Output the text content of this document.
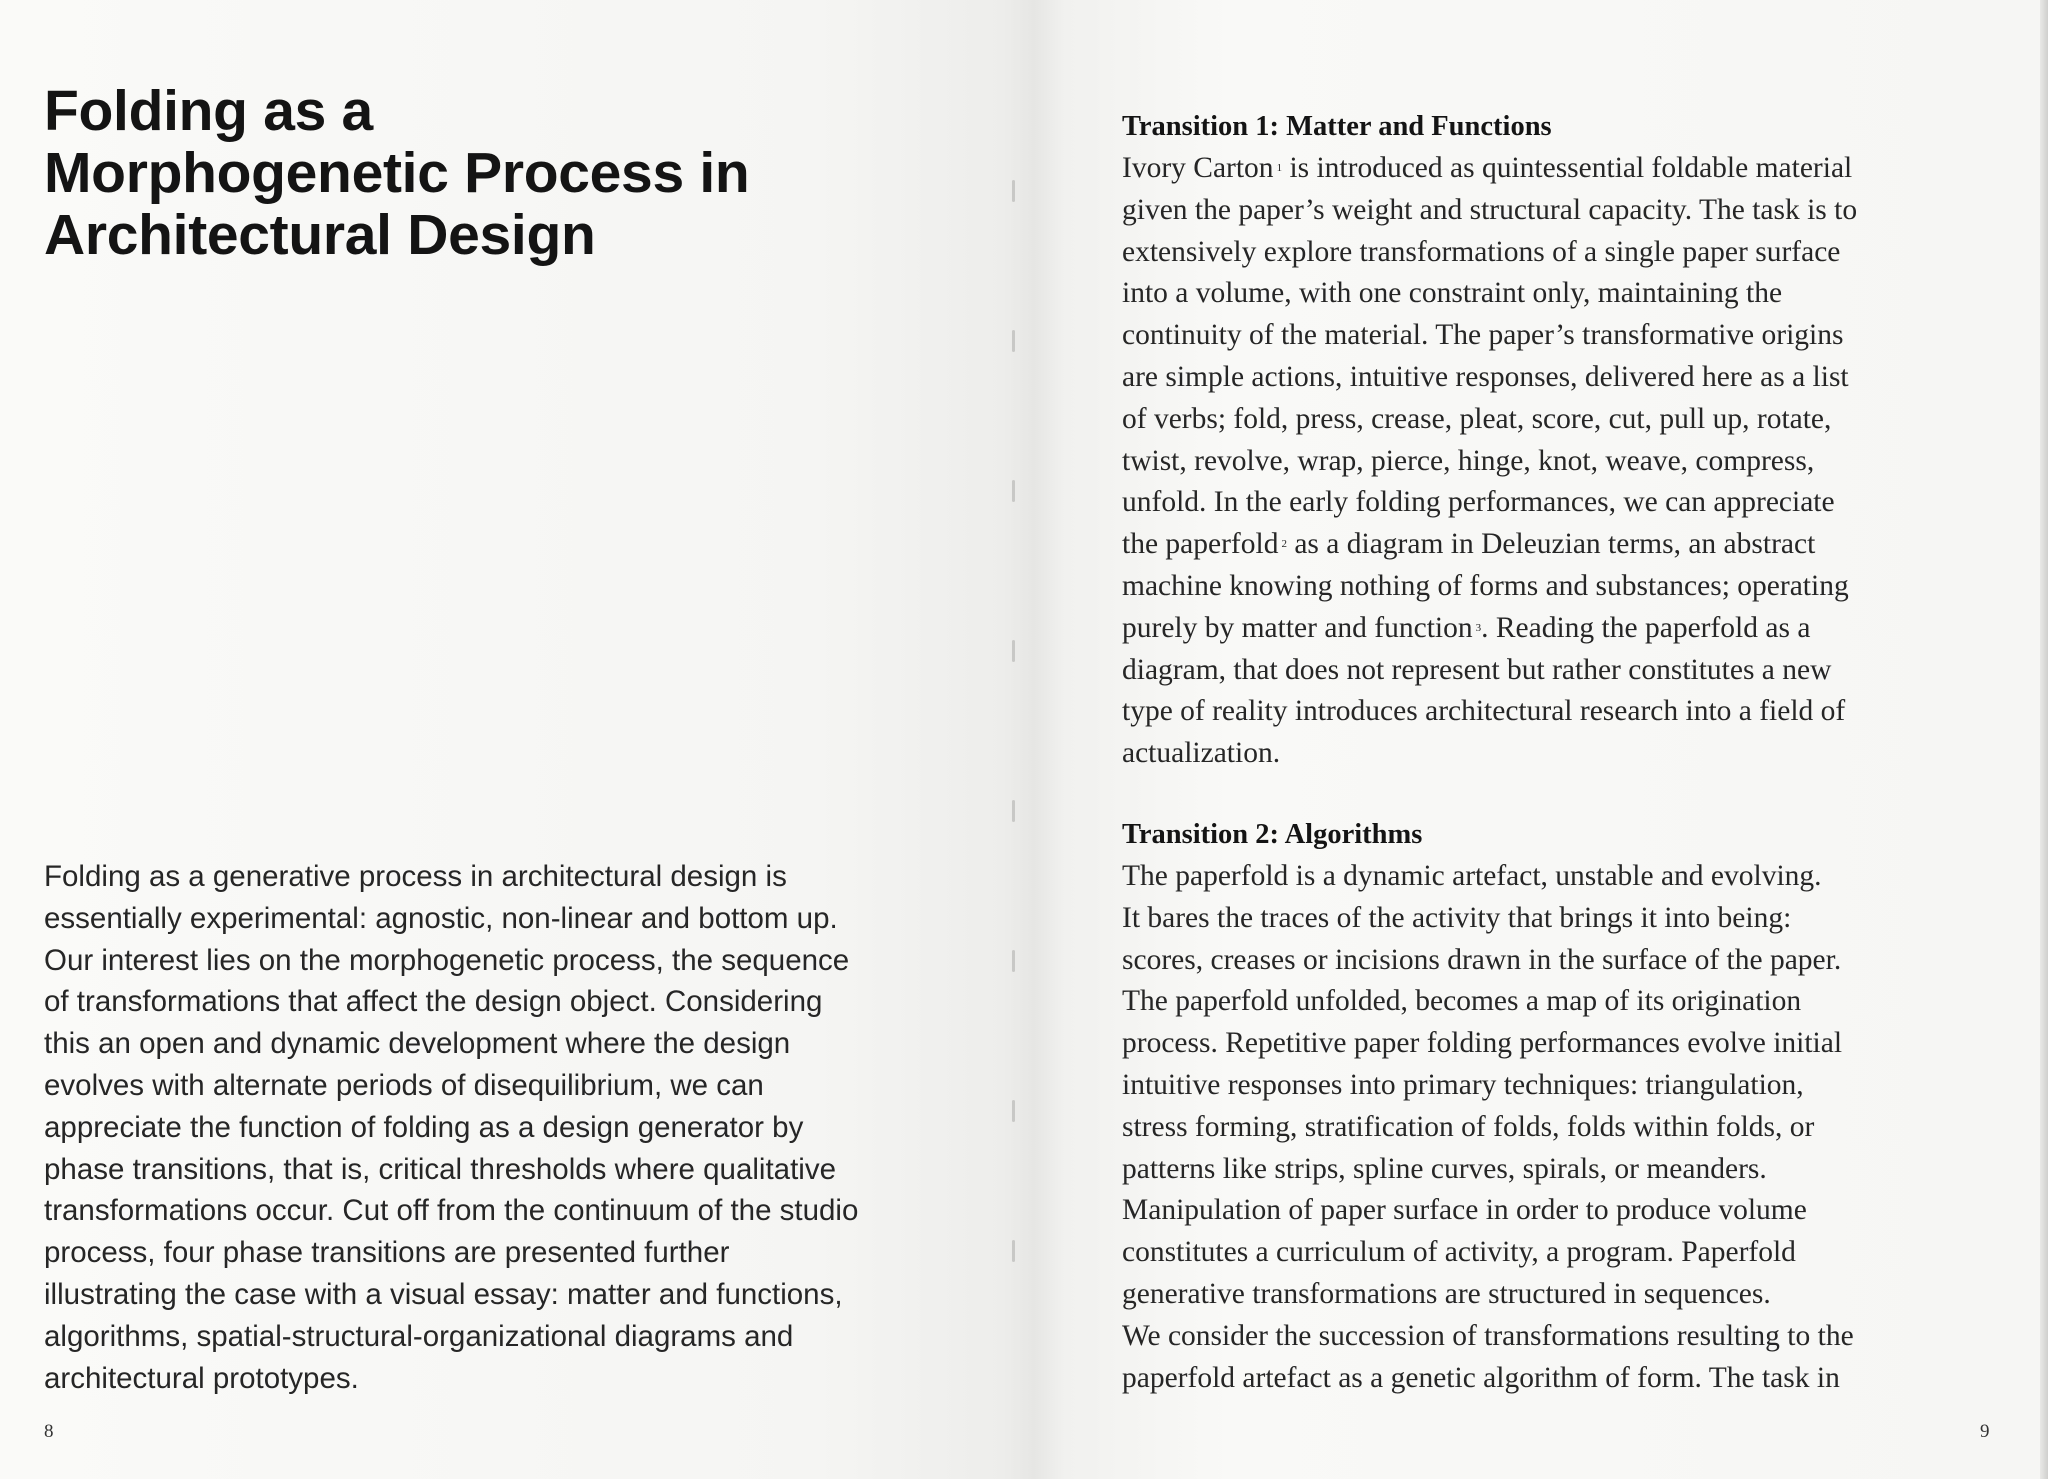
Folding as a
Morphogenetic Process in
Architectural Design

Folding as a generative process in architectural design is
essentially experimental: agnostic, non-linear and bottom up.
Our interest lies on the morphogenetic process, the sequence
of transformations that affect the design object. Considering
this an open and dynamic development where the design
evolves with alternate periods of disequilibrium, we can
appreciate the function of folding as a design generator by
phase transitions, that is, critical thresholds where qualitative
transformations occur. Cut off from the continuum of the studio
process, four phase transitions are presented further
illustrating the case with a visual essay: matter and functions,
algorithms, spatial-structural-organizational diagrams and
architectural prototypes.

Transition 1: Matter and Functions

Ivory Carton $^1$ is introduced as quintessential foldable material
given the paper’s weight and structural capacity. The task is to
extensively explore transformations of a single paper surface
into a volume, with one constraint only, maintaining the
continuity of the material. The paper’s transformative origins
are simple actions, intuitive responses, delivered here as a list
of verbs; fold, press, crease, pleat, score, cut, pull up, rotate,
twist, revolve, wrap, pierce, hinge, knot, weave, compress,
unfold. In the early folding performances, we can appreciate
the paperfold $^2$ as a diagram in Deleuzian terms, an abstract
machine knowing nothing of forms and substances; operating
purely by matter and function $^3$. Reading the paperfold as a
diagram, that does not represent but rather constitutes a new
type of reality introduces architectural research into a field of
actualization.

Transition 2: Algorithms

The paperfold is a dynamic artefact, unstable and evolving.
It bares the traces of the activity that brings it into being:
scores, creases or incisions drawn in the surface of the paper.
The paperfold unfolded, becomes a map of its origination
process. Repetitive paper folding performances evolve initial
intuitive responses into primary techniques: triangulation,
stress forming, stratification of folds, folds within folds, or
patterns like strips, spline curves, spirals, or meanders.
Manipulation of paper surface in order to produce volume
constitutes a curriculum of activity, a program. Paperfold
generative transformations are structured in sequences.
We consider the succession of transformations resulting to the
paperfold artefact as a genetic algorithm of form. The task in

8	9
